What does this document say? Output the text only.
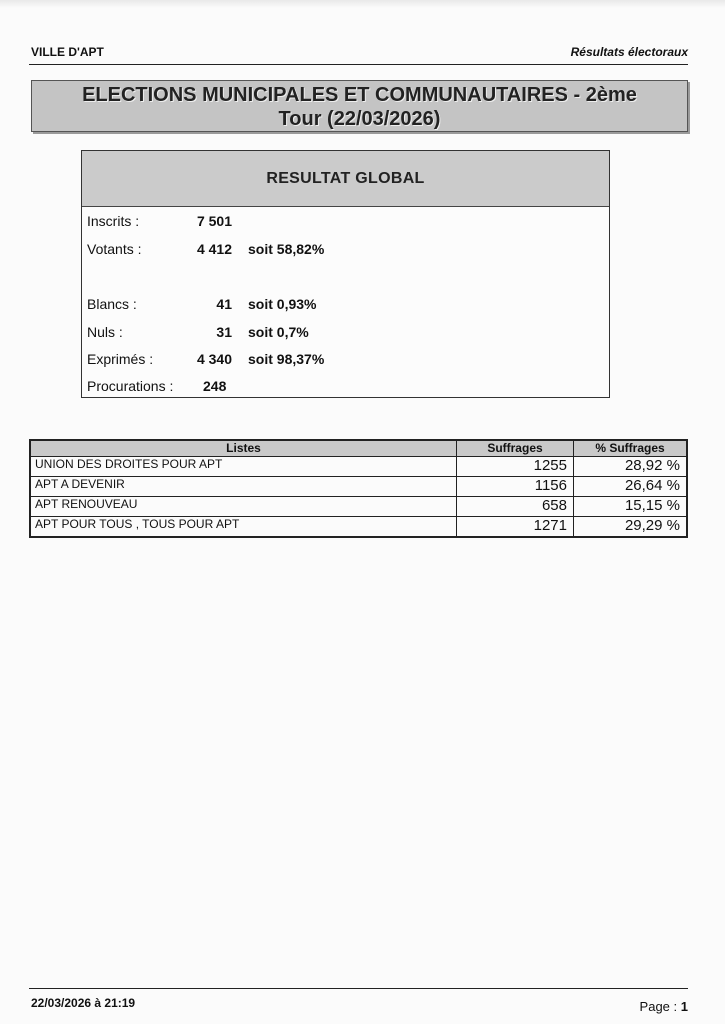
VILLE D'APT	Résultats électoraux
ELECTIONS MUNICIPALES ET COMMUNAUTAIRES - 2ème
Tour (22/03/2026)
RESULTAT GLOBAL
Inscrits :	7 501
Votants :	4 412 soit 58,82%
Blancs :	41 soit 0,93%
Nuls :	31 soit 0,7%
Exprimés :	4 340 soit 98,37%
Procurations : 248
Listes	Suffrages	% Suffrages
UNION DES DROITES POUR APT	1255	28,92 %
APT A DEVENIR	1156	26,64 %
APT RENOUVEAU	658	15,15 %
APT POUR TOUS , TOUS POUR APT	1271	29,29 %
22/03/2026 à 21:19	Page : 1
